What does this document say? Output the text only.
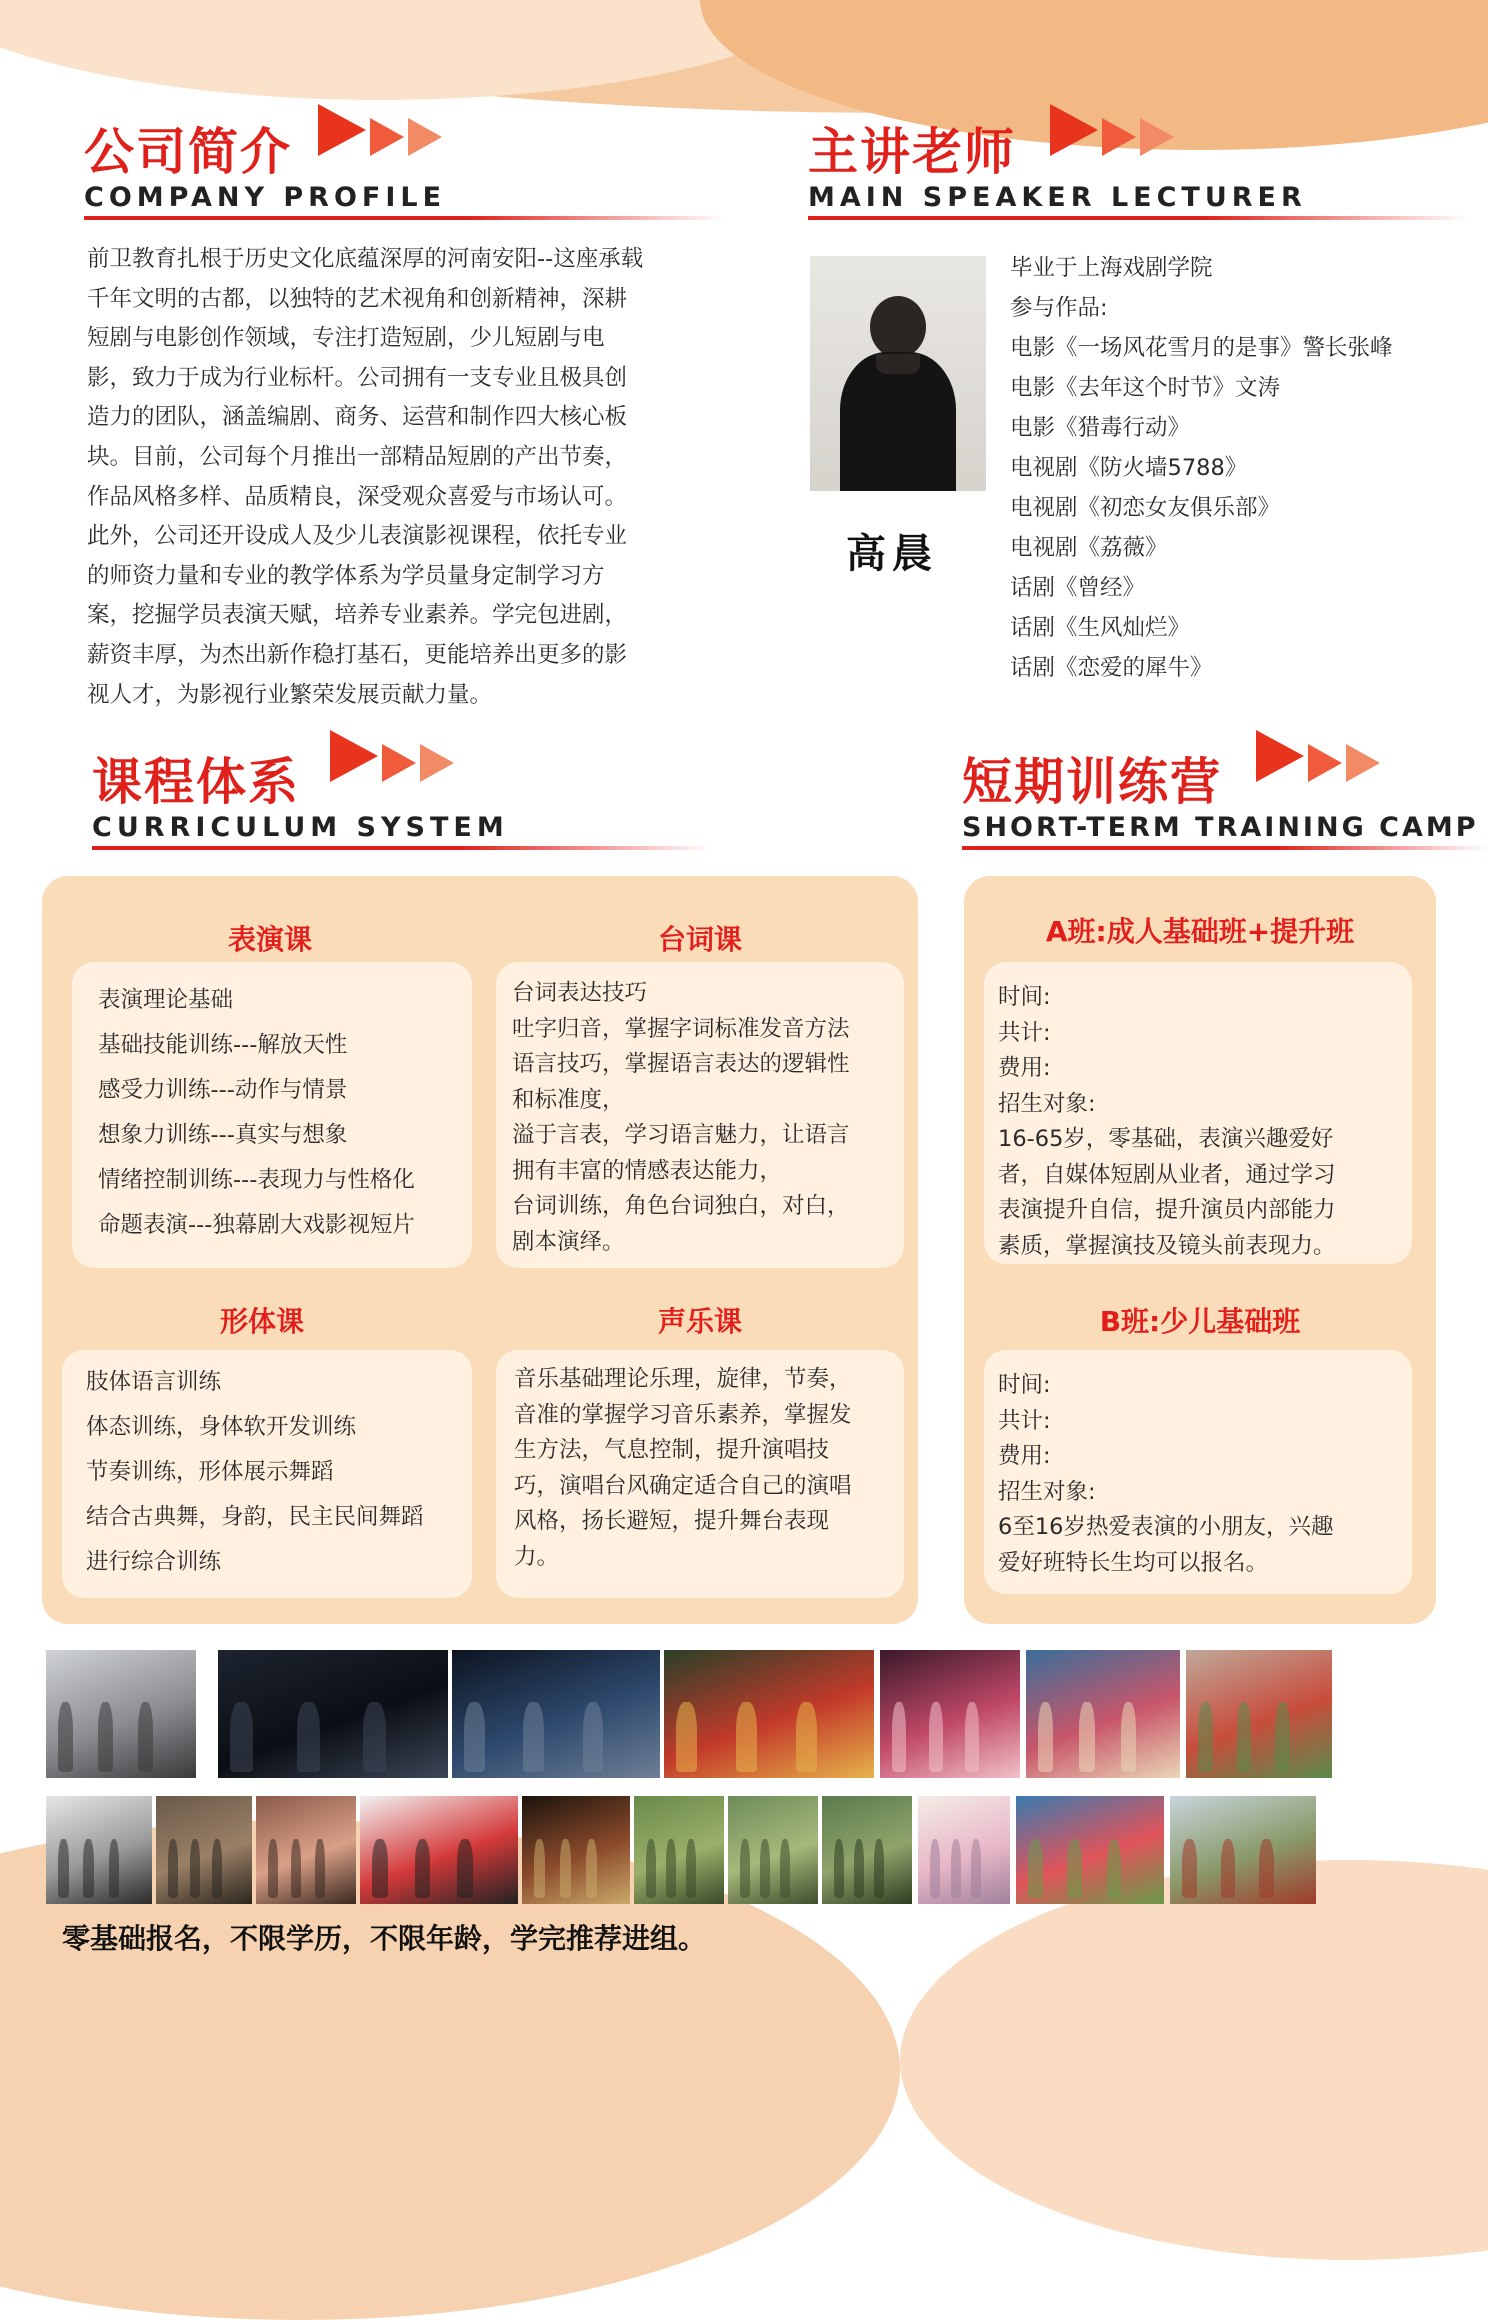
公司简介
COMPANY PROFILE
前卫教育扎根于历史文化底蕴深厚的河南安阳--这座承载
千年文明的古都，以独特的艺术视角和创新精神，深耕
短剧与电影创作领域，专注打造短剧，少儿短剧与电
影，致力于成为行业标杆。公司拥有一支专业且极具创
造力的团队，涵盖编剧、商务、运营和制作四大核心板
块。目前，公司每个月推出一部精品短剧的产出节奏，
作品风格多样、品质精良，深受观众喜爱与市场认可。
此外，公司还开设成人及少儿表演影视课程，依托专业
的师资力量和专业的教学体系为学员量身定制学习方
案，挖掘学员表演天赋，培养专业素养。学完包进剧，
薪资丰厚，为杰出新作稳打基石，更能培养出更多的影
视人才，为影视行业繁荣发展贡献力量。
主讲老师
MAIN SPEAKER LECTURER
高晨
毕业于上海戏剧学院
参与作品:
电影《一场风花雪月的是事》警长张峰
电影《去年这个时节》文涛
电影《猎毒行动》
电视剧《防火墙5788》
电视剧《初恋女友俱乐部》
电视剧《荔薇》
话剧《曾经》
话剧《生风灿烂》
话剧《恋爱的犀牛》
课程体系
CURRICULUM SYSTEM
短期训练营
SHORT-TERM TRAINING CAMP
表演课
表演理论基础
基础技能训练---解放天性
感受力训练---动作与情景
想象力训练---真实与想象
情绪控制训练---表现力与性格化
命题表演---独幕剧大戏影视短片
台词课
台词表达技巧
吐字归音，掌握字词标准发音方法
语言技巧，掌握语言表达的逻辑性
和标准度，
溢于言表，学习语言魅力，让语言
拥有丰富的情感表达能力，
台词训练，角色台词独白，对白，
剧本演绎。
形体课
肢体语言训练
体态训练，身体软开发训练
节奏训练，形体展示舞蹈
结合古典舞，身韵，民主民间舞蹈
进行综合训练
声乐课
音乐基础理论乐理，旋律，节奏，
音准的掌握学习音乐素养，掌握发
生方法，气息控制，提升演唱技
巧，演唱台风确定适合自己的演唱
风格，扬长避短，提升舞台表现
力。
A班:成人基础班+提升班
时间:
共计:
费用:
招生对象:
16-65岁，零基础，表演兴趣爱好
者，自媒体短剧从业者，通过学习
表演提升自信，提升演员内部能力
素质，掌握演技及镜头前表现力。
B班:少儿基础班
时间:
共计:
费用:
招生对象:
6至16岁热爱表演的小朋友，兴趣
爱好班特长生均可以报名。
零基础报名，不限学历，不限年龄，学完推荐进组。
